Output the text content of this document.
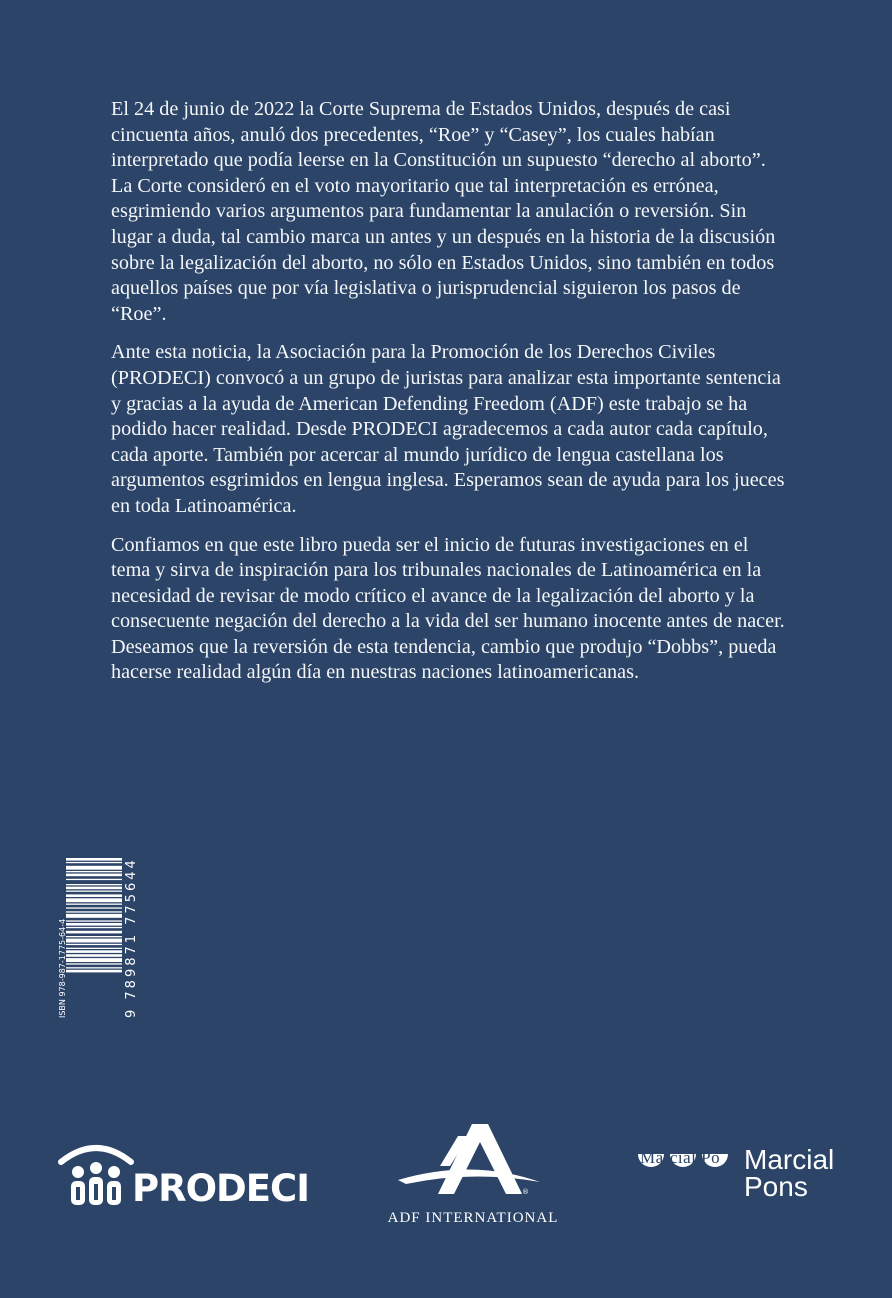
El 24 de junio de 2022 la Corte Suprema de Estados Unidos, después de casi cincuenta años, anuló dos precedentes, “Roe” y “Casey”, los cuales habían interpretado que podía leerse en la Constitución un supuesto “derecho al aborto”. La Corte consideró en el voto mayoritario que tal interpretación es errónea, esgrimiendo varios argumentos para fundamentar la anulación o reversión. Sin lugar a duda, tal cambio marca un antes y un después en la historia de la discusión sobre la legalización del aborto, no sólo en Estados Unidos, sino también en todos aquellos países que por vía legislativa o jurisprudencial siguieron los pasos de “Roe”.

Ante esta noticia, la Asociación para la Promoción de los Derechos Civiles (PRODECI) convocó a un grupo de juristas para analizar esta importante sentencia y gracias a la ayuda de American Defending Freedom (ADF) este trabajo se ha podido hacer realidad. Desde PRODECI agradecemos a cada autor cada capítulo, cada aporte. También por acercar al mundo jurídico de lengua castellana los argumentos esgrimidos en lengua inglesa. Esperamos sean de ayuda para los jueces en toda Latinoamérica.

Confiamos en que este libro pueda ser el inicio de futuras investigaciones en el tema y sirva de inspiración para los tribunales nacionales de Latinoamérica en la necesidad de revisar de modo crítico el avance de la legalización del aborto y la consecuente negación del derecho a la vida del ser humano inocente antes de nacer. Deseamos que la reversión de esta tendencia, cambio que produjo “Dobbs”, pueda hacerse realidad algún día en nuestras naciones latinoamericanas.

ISBN 978-987-1775-64-4	9 789871 775644
PRODECI	®
ADF INTERNATIONAL
Marcial Po Marcial
Pons
